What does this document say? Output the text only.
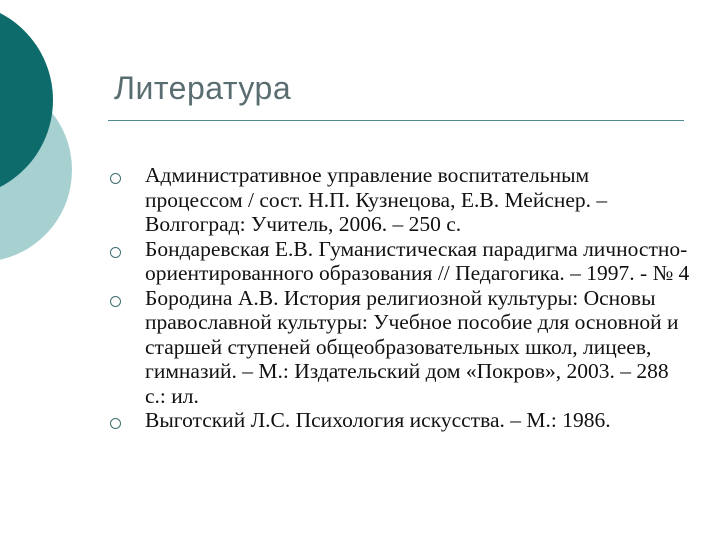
Литература
Административное управление воспитательным процессом / сост. Н.П. Кузнецова, Е.В. Мейснер. – Волгоград: Учитель, 2006. – 250 с.
Бондаревская Е.В. Гуманистическая парадигма личностно-ориентированного образования // Педагогика. – 1997. - № 4
Бородина А.В. История религиозной культуры: Основы православной культуры: Учебное пособие для основной и старшей ступеней общеобразовательных школ, лицеев, гимназий. – М.: Издательский дом «Покров», 2003. – 288 с.: ил.
Выготский Л.С. Психология искусства. – М.: 1986.
